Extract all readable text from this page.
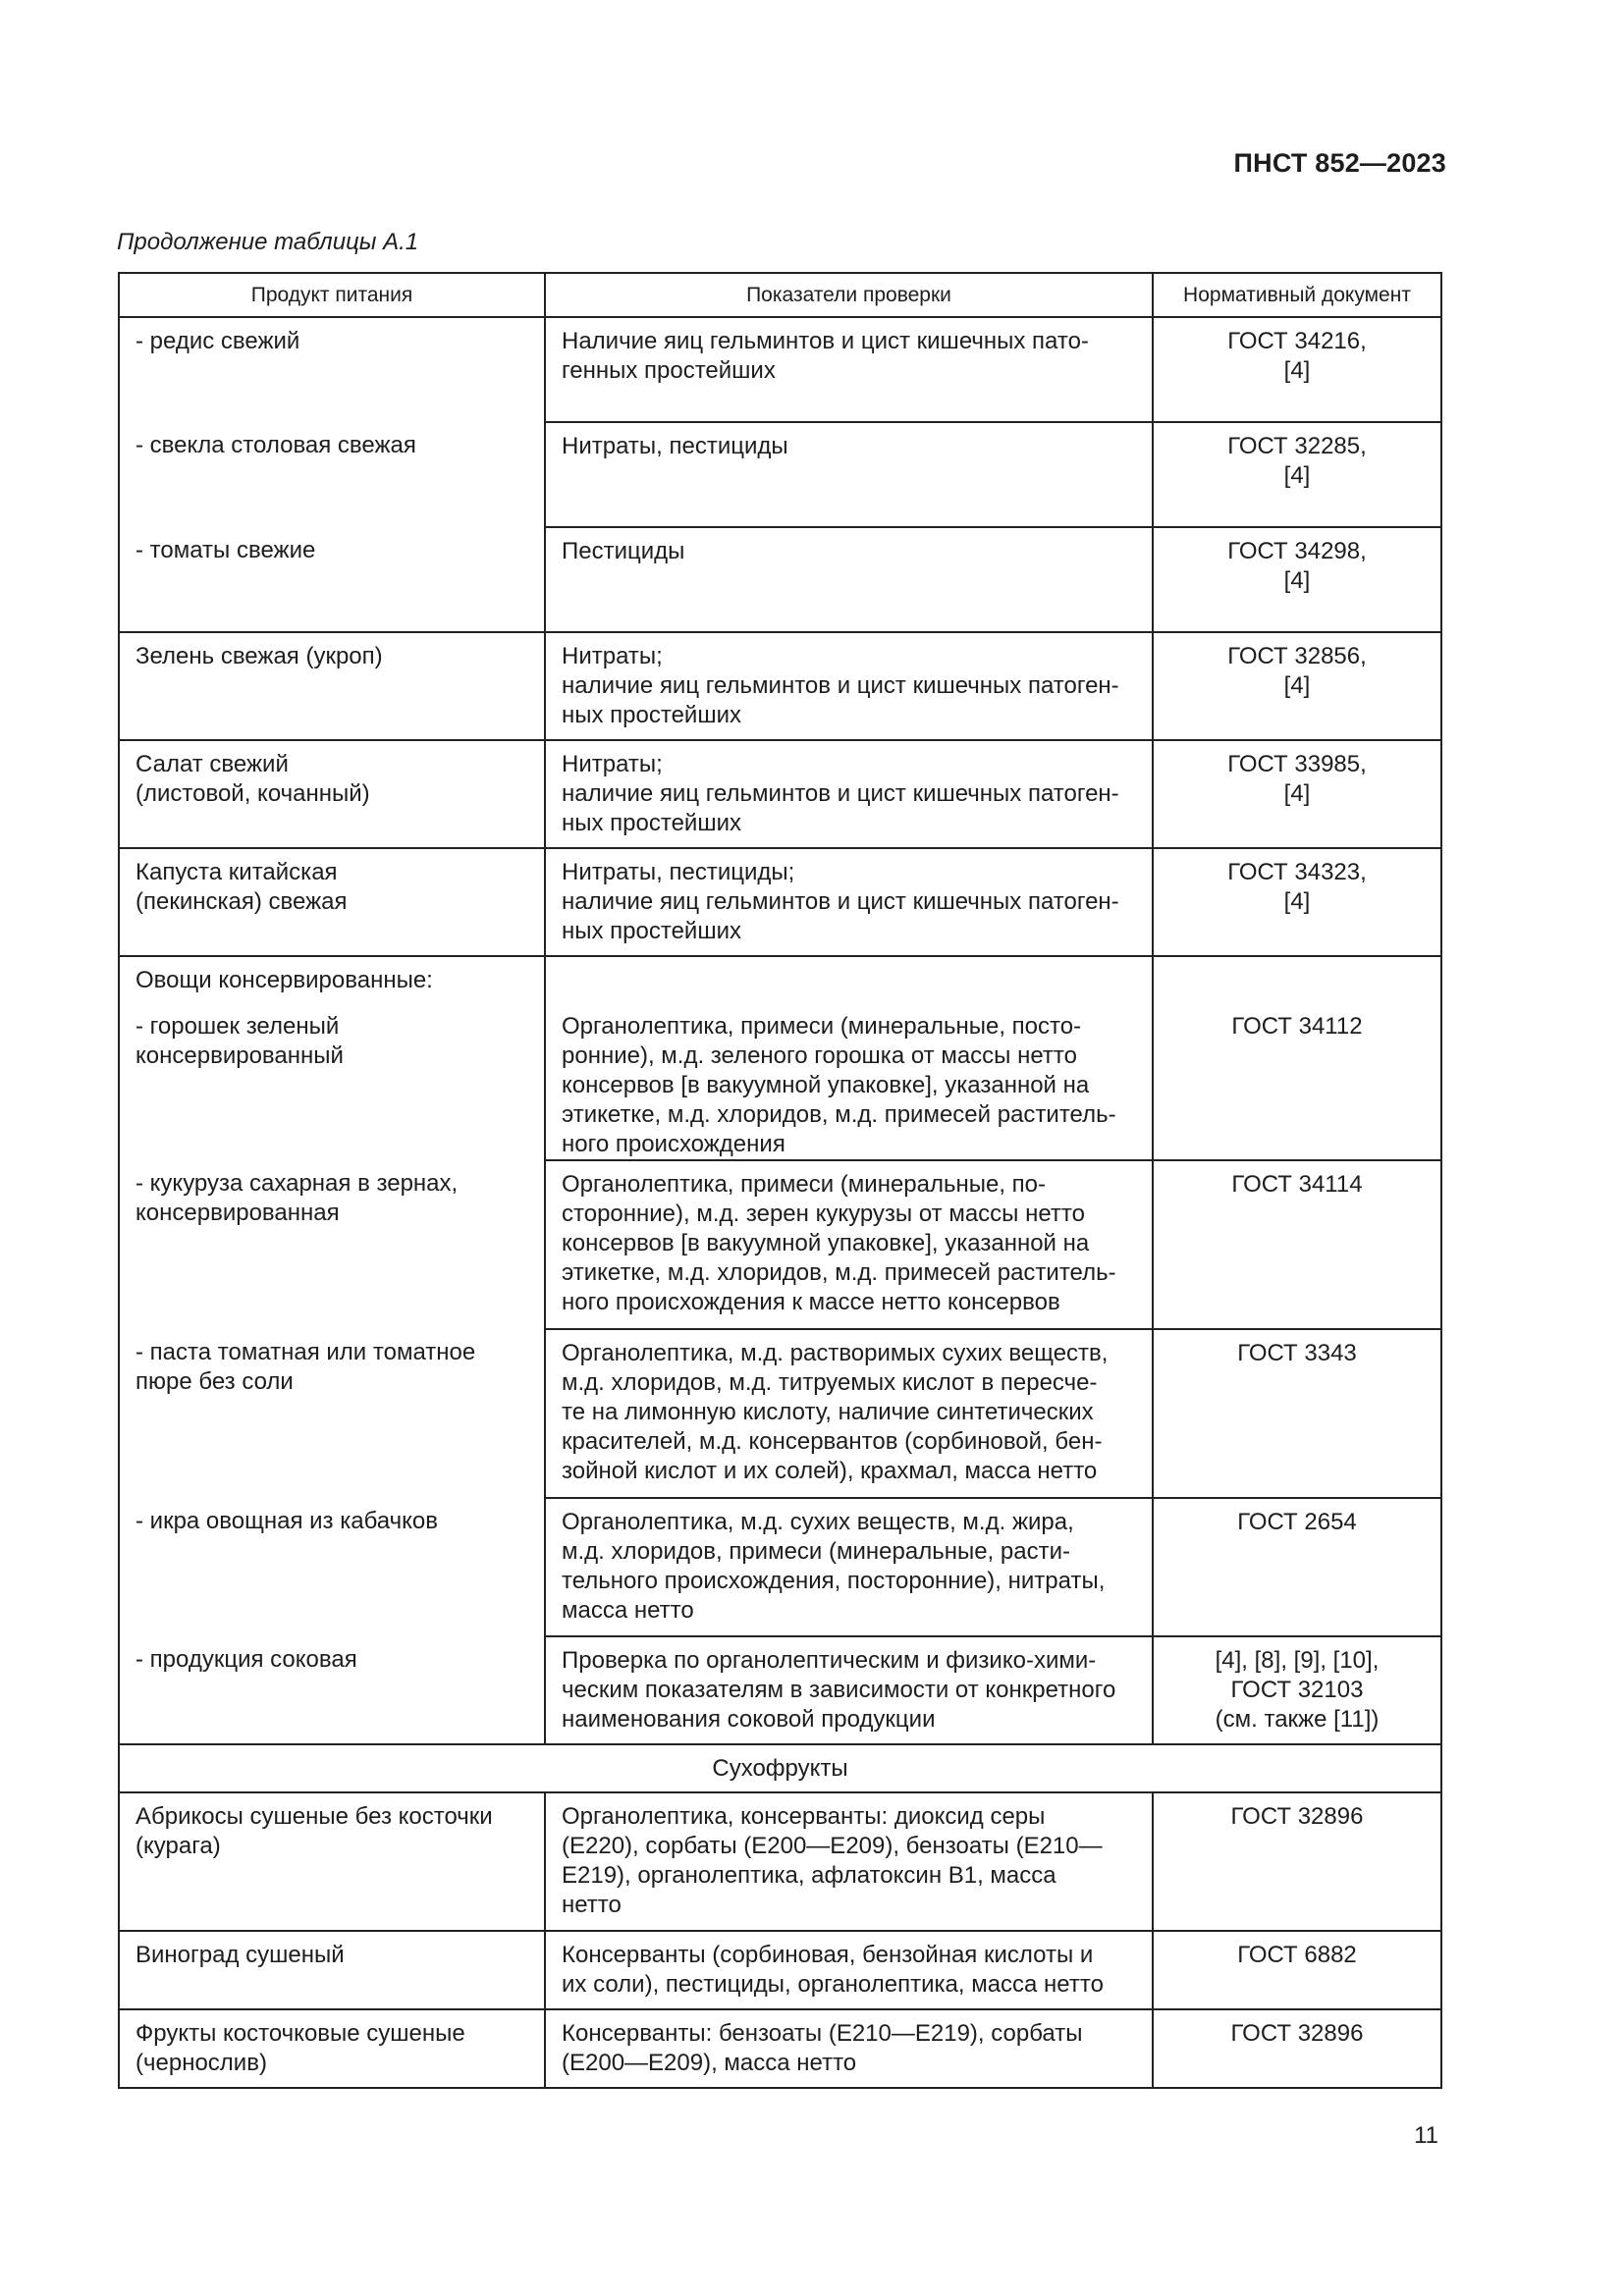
ПНСТ 852—2023
Продолжение таблицы А.1
Продукт питания	Показатели проверки	Нормативный документ
- редис свежий	Наличие яиц гельминтов и цист кишечных пато-
генных простейших	ГОСТ 34216,
[4]

- свекла столовая свежая	Нитраты, пестициды	ГОСТ 32285,
[4]

- томаты свежие	Пестициды	ГОСТ 34298,
[4]

Зелень свежая (укроп)	Нитраты;
наличие яиц гельминтов и цист кишечных патоген-
ных простейших	ГОСТ 32856,
[4]

Салат свежий
(листовой, кочанный)	Нитраты;
наличие яиц гельминтов и цист кишечных патоген-
ных простейших	ГОСТ 33985,
[4]

Капуста китайская
(пекинская) свежая	Нитраты, пестициды;
наличие яиц гельминтов и цист кишечных патоген-
ных простейших	ГОСТ 34323,
[4]

Овощи консервированные:		

- горошек зеленый
консервированный	Органолептика, примеси (минеральные, посто-
ронние), м.д. зеленого горошка от массы нетто
консервов [в вакуумной упаковке], указанной на
этикетке, м.д. хлоридов, м.д. примесей раститель-
ного происхождения	ГОСТ 34112

- кукуруза сахарная в зернах,
консервированная	Органолептика, примеси (минеральные, по-
сторонние), м.д. зерен кукурузы от массы нетто
консервов [в вакуумной упаковке], указанной на
этикетке, м.д. хлоридов, м.д. примесей раститель-
ного происхождения к массе нетто консервов	ГОСТ 34114

- паста томатная или томатное
пюре без соли	Органолептика, м.д. растворимых сухих веществ,
м.д. хлоридов, м.д. титруемых кислот в пересче-
те на лимонную кислоту, наличие синтетических
красителей, м.д. консервантов (сорбиновой, бен-
зойной кислот и их солей), крахмал, масса нетто	ГОСТ 3343

- икра овощная из кабачков	Органолептика, м.д. сухих веществ, м.д. жира,
м.д. хлоридов, примеси (минеральные, расти-
тельного происхождения, посторонние), нитраты,
масса нетто	ГОСТ 2654

- продукция соковая	Проверка по органолептическим и физико-хими-
ческим показателям в зависимости от конкретного
наименования соковой продукции	[4], [8], [9], [10],
ГОСТ 32103
(см. также [11])

Сухофрукты		

Абрикосы сушеные без косточки
(курага)	Органолептика, консерванты: диоксид серы
(Е220), сорбаты (Е200—Е209), бензоаты (Е210—
Е219), органолептика, афлатоксин В1, масса
нетто	ГОСТ 32896

Виноград сушеный	Консерванты (сорбиновая, бензойная кислоты и
их соли), пестициды, органолептика, масса нетто	ГОСТ 6882

Фрукты косточковые сушеные
(чернослив)	Консерванты: бензоаты (Е210—Е219), сорбаты
(Е200—Е209), масса нетто	ГОСТ 32896
11
